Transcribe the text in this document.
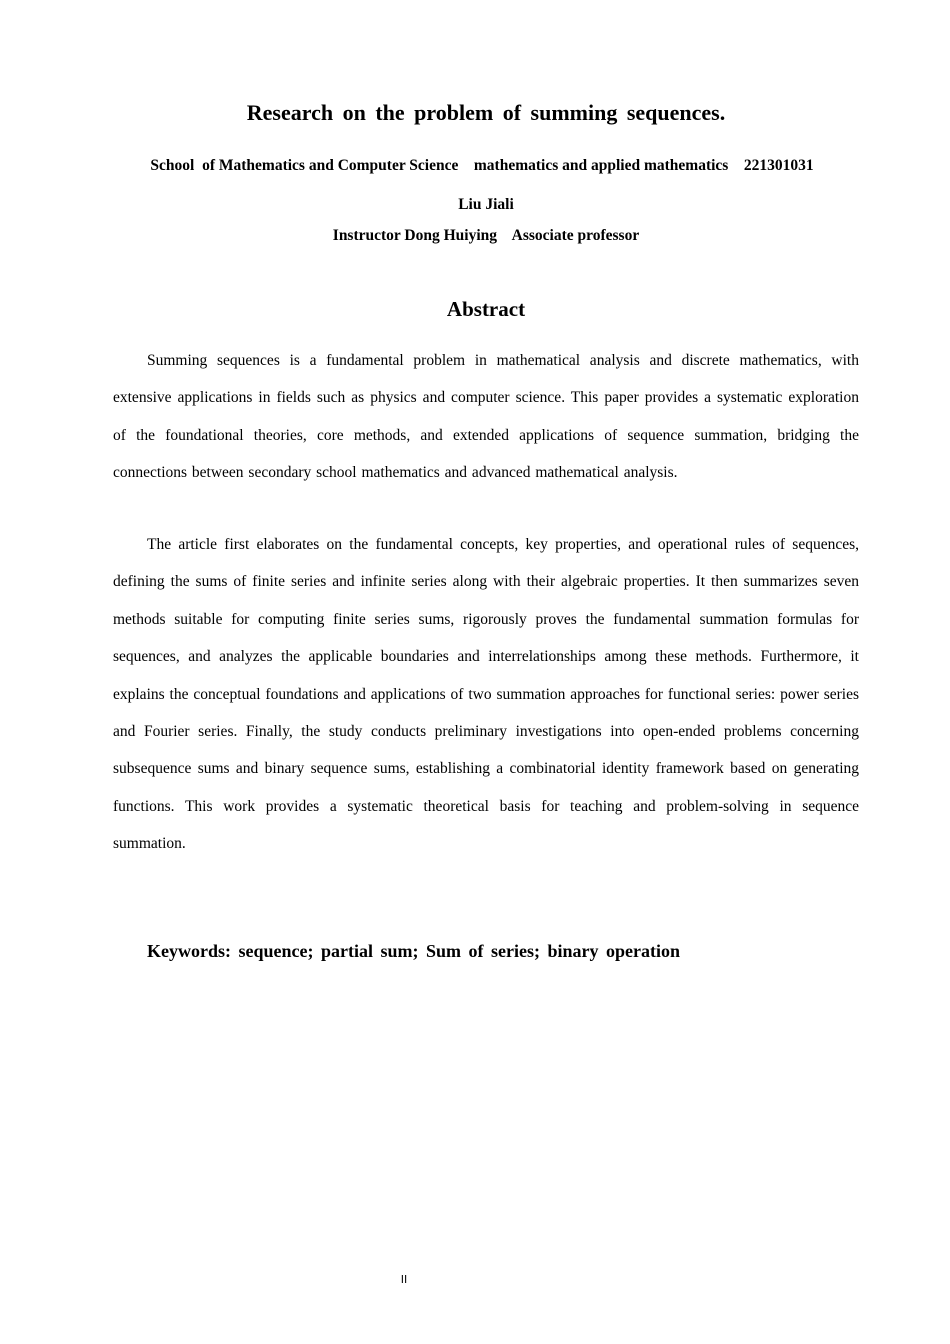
Research on the problem of summing sequences.

School  of Mathematics and Computer Science    mathematics and applied mathematics    221301031

Liu Jiali

Instructor Dong Huiying    Associate professor

Abstract

Summing sequences is a fundamental problem in mathematical analysis and discrete mathematics, with extensive applications in fields such as physics and computer science. This paper provides a systematic exploration of the foundational theories, core methods, and extended applications of sequence summation, bridging the connections between secondary school mathematics and advanced mathematical analysis.

The article first elaborates on the fundamental concepts, key properties, and operational rules of sequences, defining the sums of finite series and infinite series along with their algebraic properties. It then summarizes seven methods suitable for computing finite series sums, rigorously proves the fundamental summation formulas for sequences, and analyzes the applicable boundaries and interrelationships among these methods. Furthermore, it explains the conceptual foundations and applications of two summation approaches for functional series: power series and Fourier series. Finally, the study conducts preliminary investigations into open-ended problems concerning subsequence sums and binary sequence sums, establishing a combinatorial identity framework based on generating functions. This work provides a systematic theoretical basis for teaching and problem-solving in sequence summation.

Keywords: sequence; partial sum; Sum of series; binary operation

II
